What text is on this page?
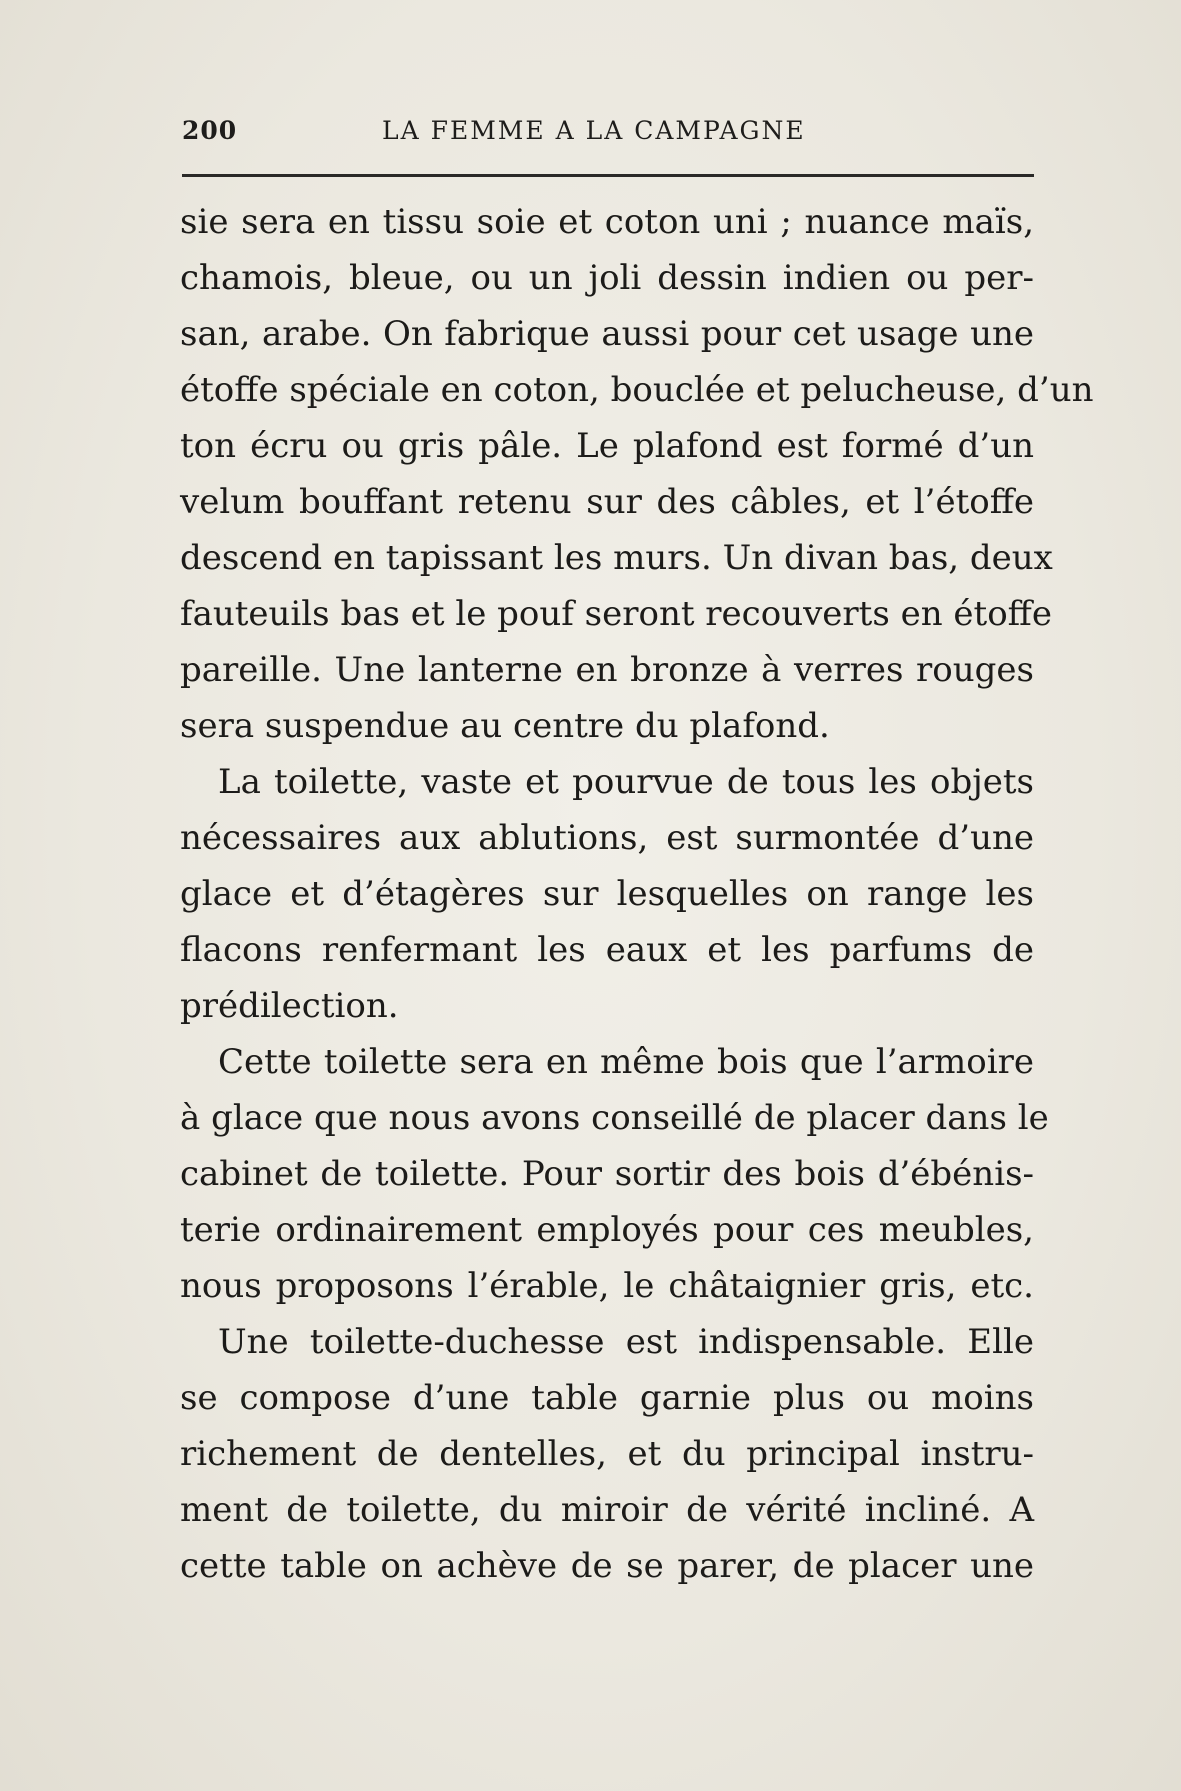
200	LA FEMME A LA CAMPAGNE
sie sera en tissu soie et coton uni ; nuance maïs,
chamois, bleue, ou un joli dessin indien ou per-
san, arabe. On fabrique aussi pour cet usage une
étoffe spéciale en coton, bouclée et pelucheuse, d’un
ton écru ou gris pâle. Le plafond est formé d’un
velum bouffant retenu sur des câbles, et l’étoffe
descend en tapissant les murs. Un divan bas, deux
fauteuils bas et le pouf seront recouverts en étoffe
pareille. Une lanterne en bronze à verres rouges
sera suspendue au centre du plafond.
La toilette, vaste et pourvue de tous les objets
nécessaires aux ablutions, est surmontée d’une
glace et d’étagères sur lesquelles on range les
flacons renfermant les eaux et les parfums de
prédilection.
Cette toilette sera en même bois que l’armoire
à glace que nous avons conseillé de placer dans le
cabinet de toilette. Pour sortir des bois d’ébénis-
terie ordinairement employés pour ces meubles,
nous proposons l’érable, le châtaignier gris, etc.
Une toilette-duchesse est indispensable. Elle
se compose d’une table garnie plus ou moins
richement de dentelles, et du principal instru-
ment de toilette, du miroir de vérité incliné. A
cette table on achève de se parer, de placer une
